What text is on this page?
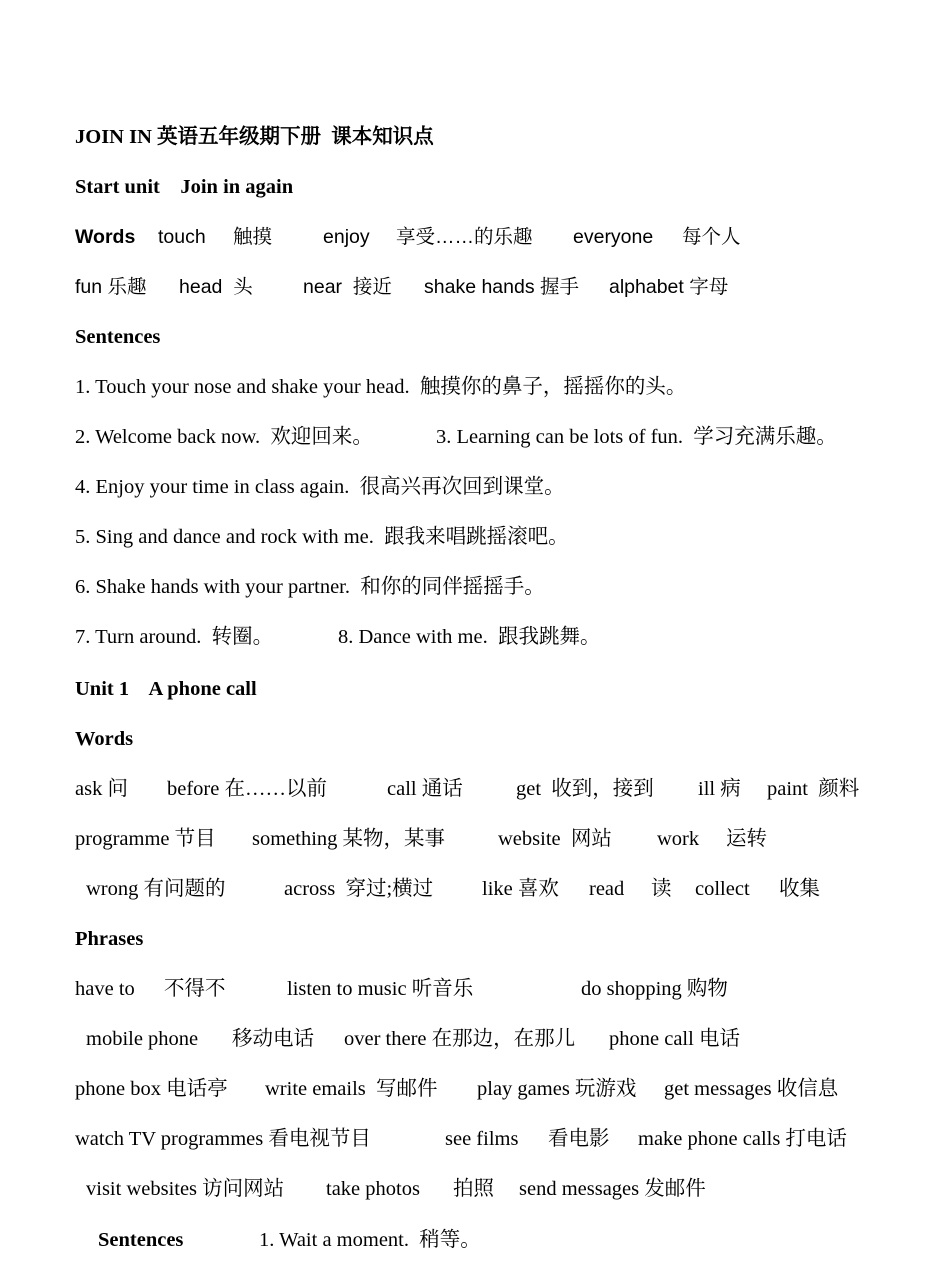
JOIN IN 英语五年级期下册  课本知识点
Start unit    Join in again
Words touch 触摸	enjoy 享受……的乐趣 everyone 每个人
fun 乐趣 head  头	near  接近 shake hands 握手 alphabet 字母
Sentences
1. Touch your nose and shake your head.  触摸你的鼻子，摇摇你的头。
2. Welcome back now.  欢迎回来。	3. Learning can be lots of fun.  学习充满乐趣。
4. Enjoy your time in class again.  很高兴再次回到课堂。
5. Sing and dance and rock with me.  跟我来唱跳摇滚吧。
6. Shake hands with your partner.  和你的同伴摇摇手。
7. Turn around.  转圈。	8. Dance with me.  跟我跳舞。
Unit 1    A phone call
Words
ask 问 before 在……以前	call 通话	get  收到，接到 ill 病 paint  颜料
programme 节目 something 某物，某事	website  网站 work 运转
wrong 有问题的	across  穿过;横过 like 喜欢 read 读 collect 收集
Phrases
have to 不得不	listen to music 听音乐	do shopping 购物
mobile phone 移动电话 over there 在那边，在那儿 phone call 电话
phone box 电话亭 write emails  写邮件 play games 玩游戏 get messages 收信息
watch TV programmes 看电视节目	see films 看电影 make phone calls 打电话
visit websites 访问网站 take photos 拍照 send messages 发邮件
Sentences	1. Wait a moment.  稍等。
